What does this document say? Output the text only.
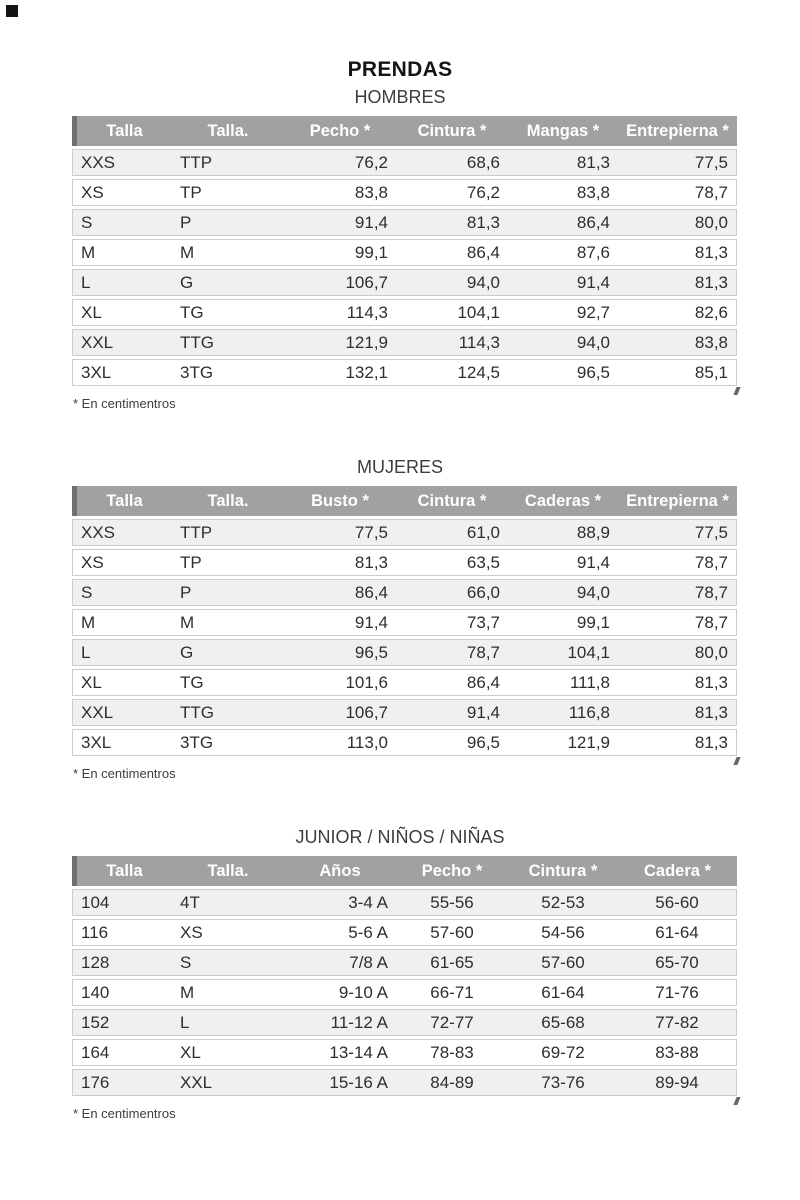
PRENDAS
HOMBRES
Talla	Talla.	Pecho *	Cintura *	Mangas *	Entrepierna *
XXS	TTP	76,2	68,6	81,3	77,5
XS	TP	83,8	76,2	83,8	78,7
S	P	91,4	81,3	86,4	80,0
M	M	99,1	86,4	87,6	81,3
L	G	106,7	94,0	91,4	81,3
XL	TG	114,3	104,1	92,7	82,6
XXL	TTG	121,9	114,3	94,0	83,8
3XL	3TG	132,1	124,5	96,5	85,1
* En centimentros
MUJERES
Talla	Talla.	Busto *	Cintura *	Caderas *	Entrepierna *
XXS	TTP	77,5	61,0	88,9	77,5
XS	TP	81,3	63,5	91,4	78,7
S	P	86,4	66,0	94,0	78,7
M	M	91,4	73,7	99,1	78,7
L	G	96,5	78,7	104,1	80,0
XL	TG	101,6	86,4	111,8	81,3
XXL	TTG	106,7	91,4	116,8	81,3
3XL	3TG	113,0	96,5	121,9	81,3
* En centimentros
JUNIOR / NIÑOS / NIÑAS
Talla	Talla.	Años	Pecho *	Cintura *	Cadera *
104	4T	3-4 A	55-56	52-53	56-60
116	XS	5-6 A	57-60	54-56	61-64
128	S	7/8 A	61-65	57-60	65-70
140	M	9-10 A	66-71	61-64	71-76
152	L	11-12 A	72-77	65-68	77-82
164	XL	13-14 A	78-83	69-72	83-88
176	XXL	15-16 A	84-89	73-76	89-94
* En centimentros
